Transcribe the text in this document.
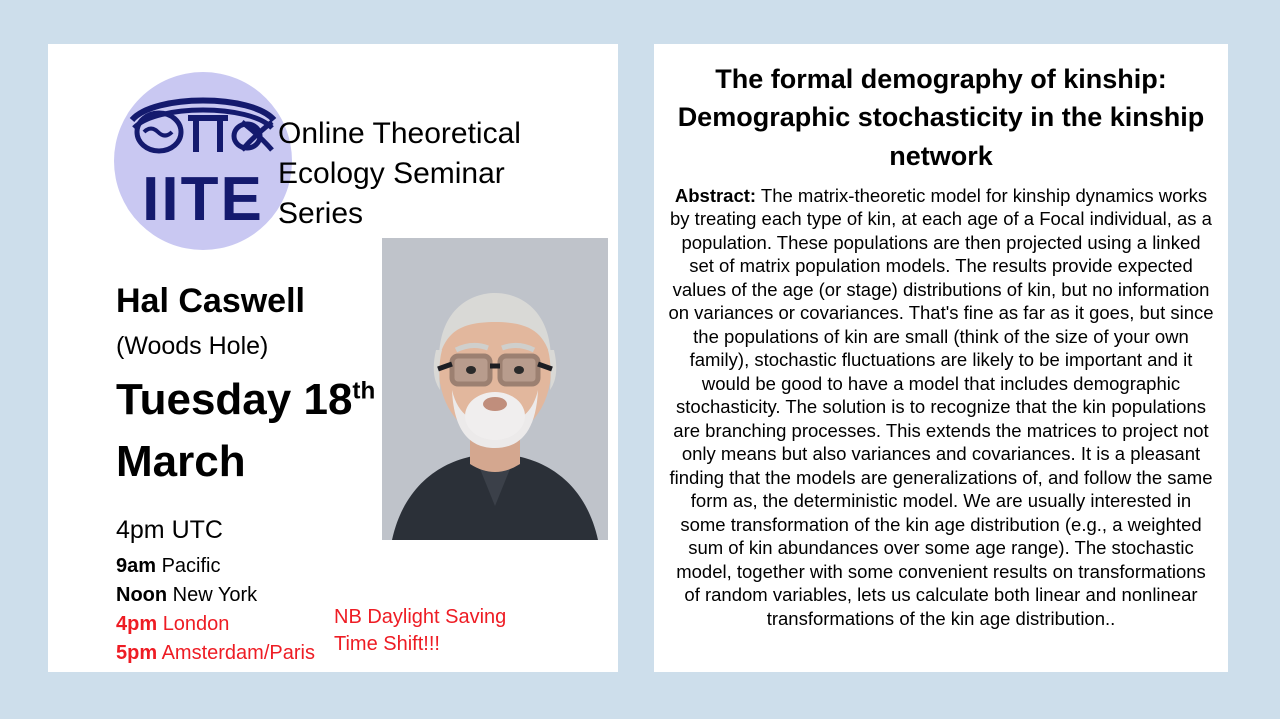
IITE
Online Theoretical Ecology Seminar Series
Hal Caswell
(Woods Hole)
Tuesday 18th
March
4pm UTC
9am Pacific
Noon New York
4pm London
5pm Amsterdam/Paris
NB Daylight Saving Time Shift!!!
The formal demography of kinship: Demographic stochasticity in the kinship network
Abstract: The matrix-theoretic model for kinship dynamics works by treating each type of kin, at each age of a Focal individual, as a population. These populations are then projected using a linked set of matrix population models. The results provide expected values of the age (or stage) distributions of kin, but no information on variances or covariances. That's fine as far as it goes, but since the populations of kin are small (think of the size of your own family), stochastic fluctuations are likely to be important and it would be good to have a model that includes demographic stochasticity. The solution is to recognize that the kin populations are branching processes. This extends the matrices to project not only means but also variances and covariances. It is a pleasant finding that the models are generalizations of, and follow the same form as, the deterministic model. We are usually interested in some transformation of the kin age distribution (e.g., a weighted sum of kin abundances over some age range). The stochastic model, together with some convenient results on transformations of random variables, lets us calculate both linear and nonlinear transformations of the kin age distribution..
